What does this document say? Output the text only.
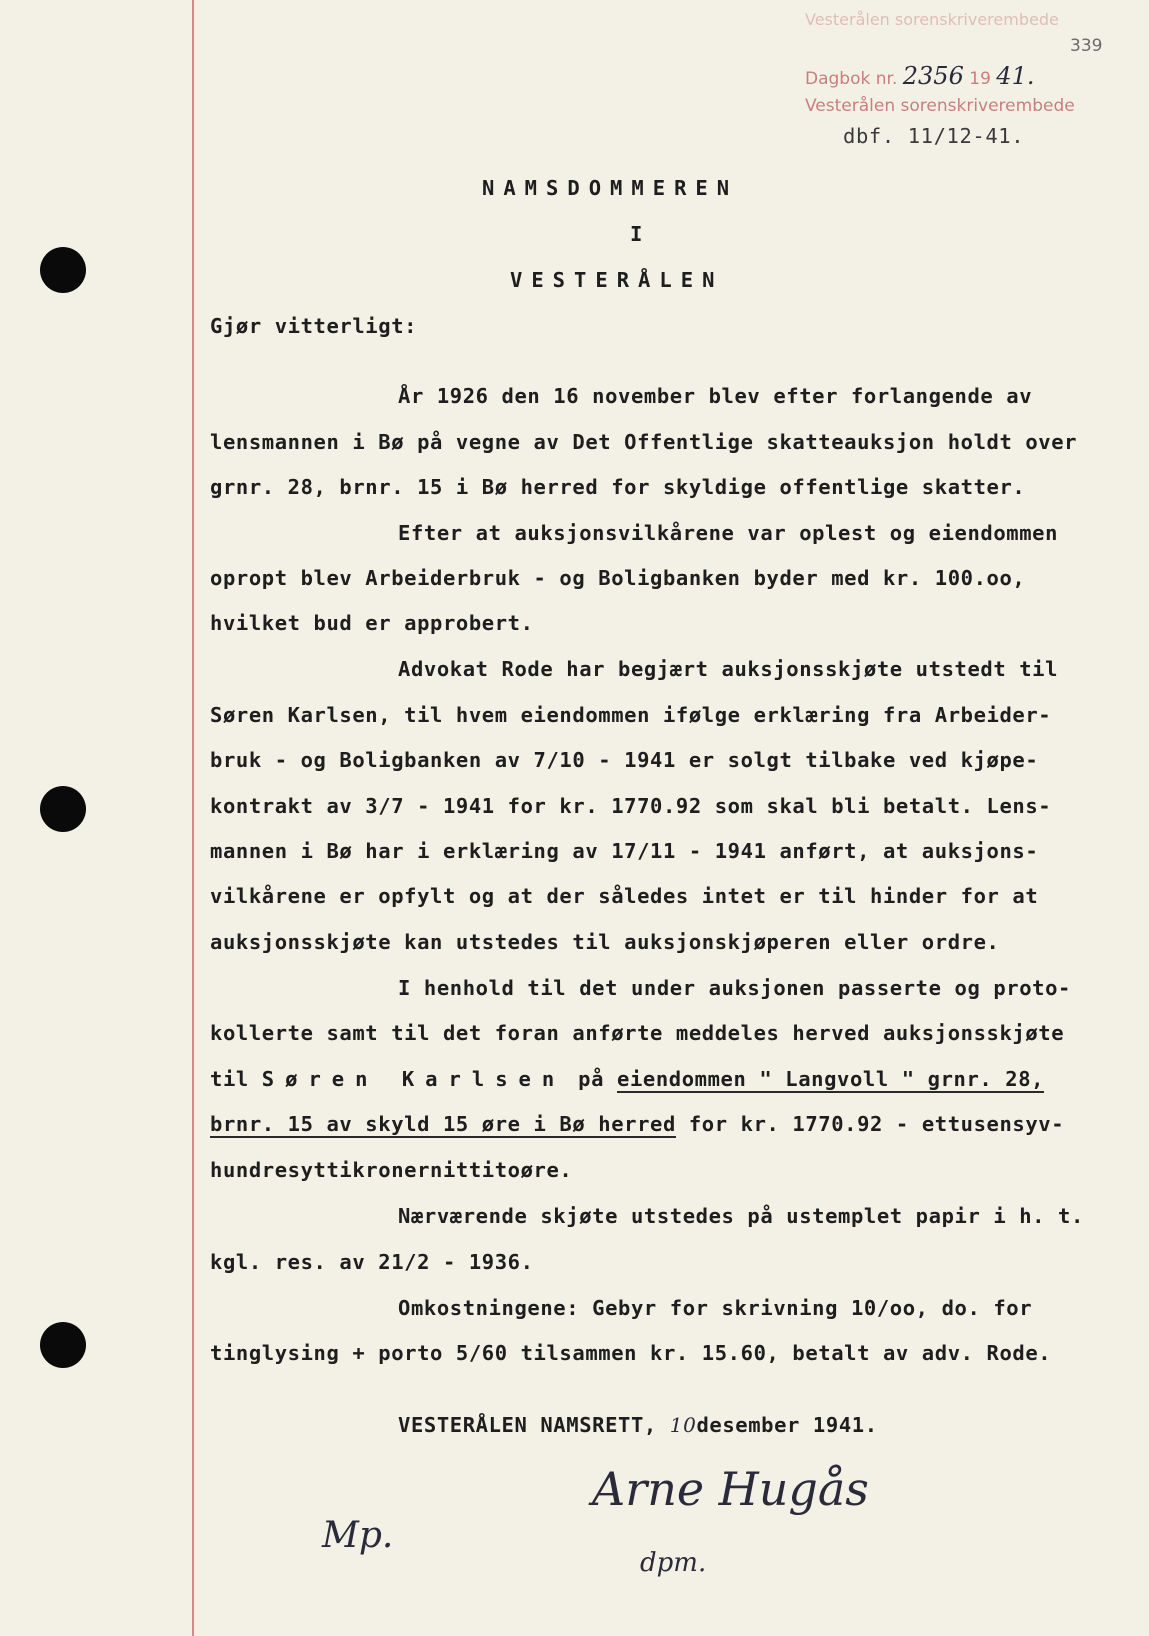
Vesterålen sorenskriverembede
339
Dagbok nr. 2356 19 41.
Vesterålen sorenskriverembede
dbf. 11/12-41.
NAMSDOMMEREN
I
VESTERÅLEN
Gjør vitterligt:
År 1926 den 16 november blev efter forlangende av
lensmannen i Bø på vegne av Det Offentlige skatteauksjon holdt over
grnr. 28, brnr. 15 i Bø herred for skyldige offentlige skatter.
Efter at auksjonsvilkårene var oplest og eiendommen
opropt blev Arbeiderbruk - og Boligbanken byder med kr. 100.oo,
hvilket bud er approbert.
Advokat Rode har begjært auksjonsskjøte utstedt til
Søren Karlsen, til hvem eiendommen ifølge erklæring fra Arbeider-
bruk - og Boligbanken av 7/10 - 1941 er solgt tilbake ved kjøpe-
kontrakt av 3/7 - 1941 for kr. 1770.92 som skal bli betalt. Lens-
mannen i Bø har i erklæring av 17/11 - 1941 anført, at auksjons-
vilkårene er opfylt og at der således intet er til hinder for at
auksjonsskjøte kan utstedes til auksjonskjøperen eller ordre.
I henhold til det under auksjonen passerte og proto-
kollerte samt til det foran anførte meddeles herved auksjonsskjøte
til Søren Karlsen på eiendommen " Langvoll " grnr. 28,
brnr. 15 av skyld 15 øre i Bø herred for kr. 1770.92 - ettusensyv-
hundresyttikronernittitoøre.
Nærværende skjøte utstedes på ustemplet papir i h. t.
kgl. res. av 21/2 - 1936.
Omkostningene: Gebyr for skrivning 10/oo, do. for
tinglysing + porto 5/60 tilsammen kr. 15.60, betalt av adv. Rode.
VESTERÅLEN NAMSRETT, 10desember 1941.
Arne Hugås
dpm.
Mp.
